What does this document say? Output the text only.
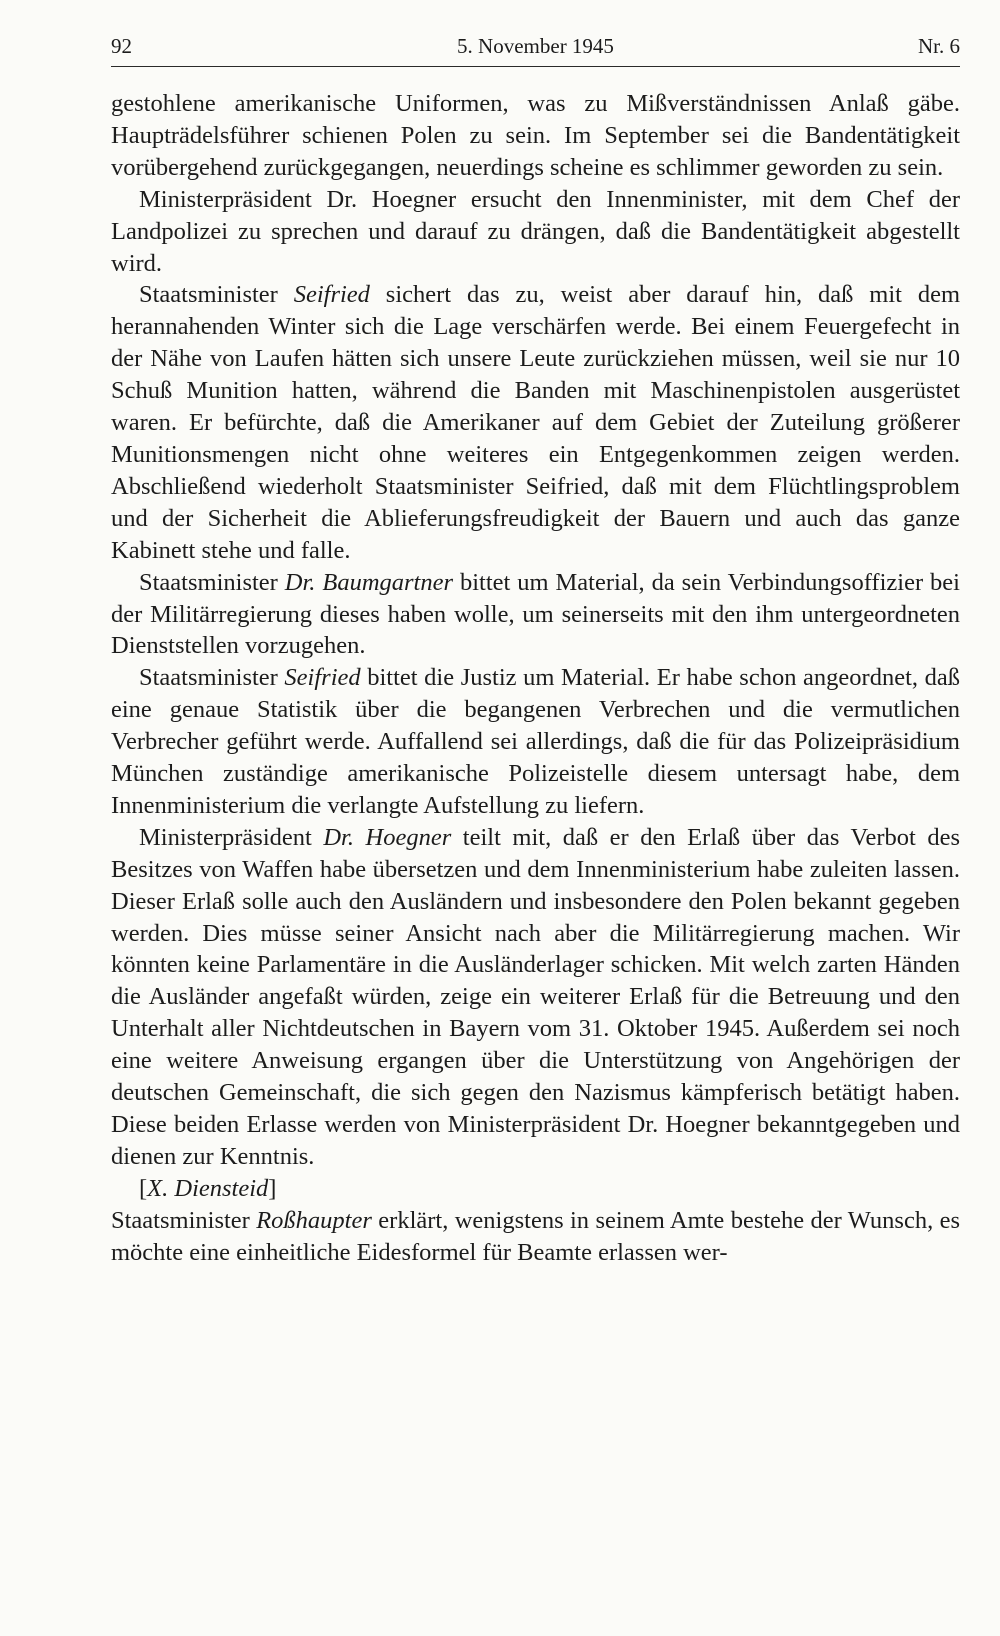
92	5. November 1945	Nr. 6

gestohlene amerikanische Uniformen, was zu Mißverständnissen Anlaß gäbe. Haupträdelsführer schienen Polen zu sein. Im September sei die Bandentätigkeit vorübergehend zurückgegangen, neuerdings scheine es schlimmer geworden zu sein.

Ministerpräsident Dr. Hoegner ersucht den Innenminister, mit dem Chef der Landpolizei zu sprechen und darauf zu drängen, daß die Bandentätigkeit abgestellt wird.

Staatsminister Seifried sichert das zu, weist aber darauf hin, daß mit dem herannahenden Winter sich die Lage verschärfen werde. Bei einem Feuergefecht in der Nähe von Laufen hätten sich unsere Leute zurückziehen müssen, weil sie nur 10 Schuß Munition hatten, während die Banden mit Maschinenpistolen ausgerüstet waren. Er befürchte, daß die Amerikaner auf dem Gebiet der Zuteilung größerer Munitionsmengen nicht ohne weiteres ein Entgegenkommen zeigen werden. Abschließend wiederholt Staatsminister Seifried, daß mit dem Flüchtlingsproblem und der Sicherheit die Ablieferungsfreudigkeit der Bauern und auch das ganze Kabinett stehe und falle.

Staatsminister Dr. Baumgartner bittet um Material, da sein Verbindungsoffizier bei der Militärregierung dieses haben wolle, um seinerseits mit den ihm untergeordneten Dienststellen vorzugehen.

Staatsminister Seifried bittet die Justiz um Material. Er habe schon angeordnet, daß eine genaue Statistik über die begangenen Verbrechen und die vermutlichen Verbrecher geführt werde. Auffallend sei allerdings, daß die für das Polizeipräsidium München zuständige amerikanische Polizeistelle diesem untersagt habe, dem Innenministerium die verlangte Aufstellung zu liefern.

Ministerpräsident Dr. Hoegner teilt mit, daß er den Erlaß über das Verbot des Besitzes von Waffen habe übersetzen und dem Innenministerium habe zuleiten lassen. Dieser Erlaß solle auch den Ausländern und insbesondere den Polen bekannt gegeben werden. Dies müsse seiner Ansicht nach aber die Militärregierung machen. Wir könnten keine Parlamentäre in die Ausländerlager schicken. Mit welch zarten Händen die Ausländer angefaßt würden, zeige ein weiterer Erlaß für die Betreuung und den Unterhalt aller Nichtdeutschen in Bayern vom 31. Oktober 1945. Außerdem sei noch eine weitere Anweisung ergangen über die Unterstützung von Angehörigen der deutschen Gemeinschaft, die sich gegen den Nazismus kämpferisch betätigt haben. Diese beiden Erlasse werden von Ministerpräsident Dr. Hoegner bekanntgegeben und dienen zur Kenntnis.

[X. Diensteid]

Staatsminister Roßhaupter erklärt, wenigstens in seinem Amte bestehe der Wunsch, es möchte eine einheitliche Eidesformel für Beamte erlassen wer-
